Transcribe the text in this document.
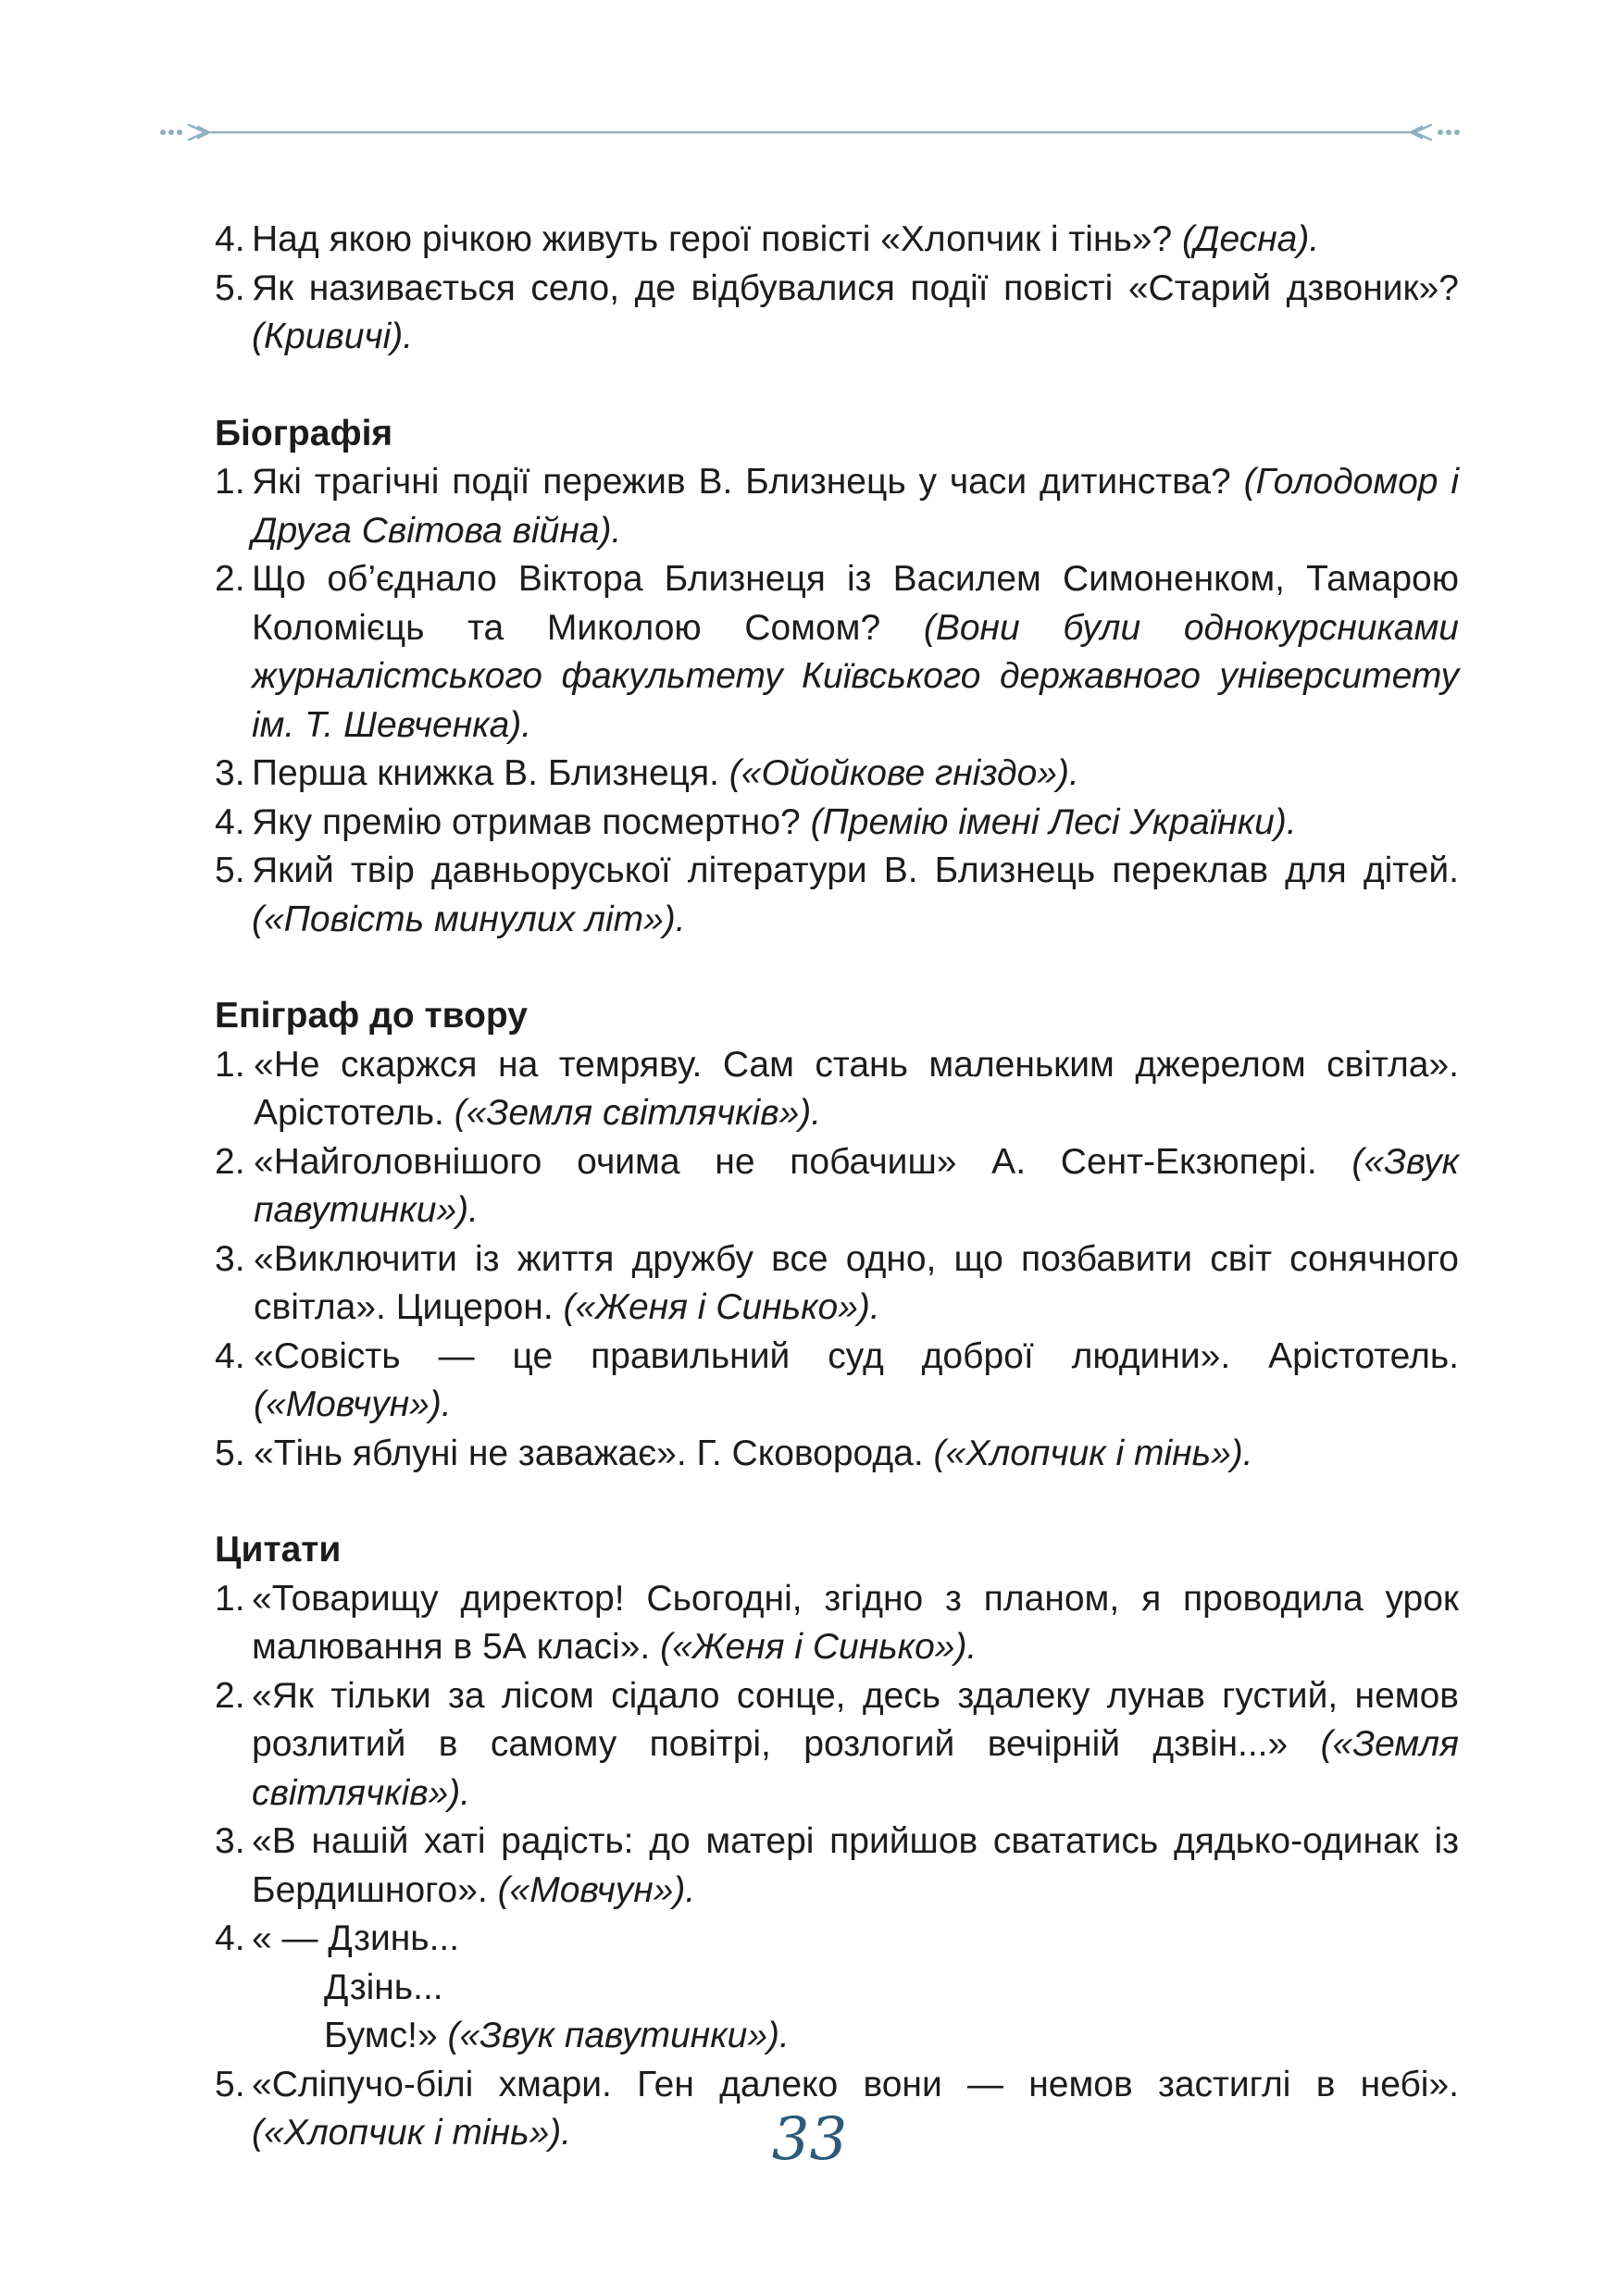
4. Над якою річкою живуть герої повісті «Хлопчик і тінь»? (Десна).
5. Як називається село, де відбувалися події повісті «Старий дзвоник»? (Кривичі).

Біографія

1. Які трагічні події пережив В. Близнець у часи дитинства? (Голодомор і Друга Світова війна).
2. Що об’єднало Віктора Близнеця із Василем Симоненком, Тамарою Коломієць та Миколою Сомом? (Вони були однокурсниками журналістського факультету Київського державного університету ім. Т. Шевченка).
3. Перша книжка В. Близнеця. («Ойойкове гніздо»).
4. Яку премію отримав посмертно? (Премію імені Лесі Українки).
5. Який твір давньоруської літератури В. Близнець переклав для дітей. («Повість минулих літ»).

Епіграф до твору

1. «Не скаржся на темряву. Сам стань маленьким джерелом світла». Арістотель. («Земля світлячків»).
2. «Найголовнішого очима не побачиш» А. Сент-Екзюпері. («Звук павутинки»).
3. «Виключити із життя дружбу все одно, що позбавити світ сонячного світла». Цицерон. («Женя і Синько»).
4. «Совість — це правильний суд доброї людини». Арістотель. («Мовчун»).
5. «Тінь яблуні не заважає». Г. Сковорода. («Хлопчик і тінь»).

Цитати

1. «Товарищу директор! Сьогодні, згідно з планом, я проводила урок малювання в 5А класі». («Женя і Синько»).
2. «Як тільки за лісом сідало сонце, десь здалеку лунав густий, немов розлитий в самому повітрі, розлогий вечірній дзвін...» («Земля світлячків»).
3. «В нашій хаті радість: до матері прийшов свататись дядько-одинак із Бердишного». («Мовчун»).
4. « — Дзинь...
Дзінь...
Бумс!» («Звук павутинки»).
5. «Сліпучо-білі хмари. Ген далеко вони — немов застиглі в небі». («Хлопчик і тінь»).	33
